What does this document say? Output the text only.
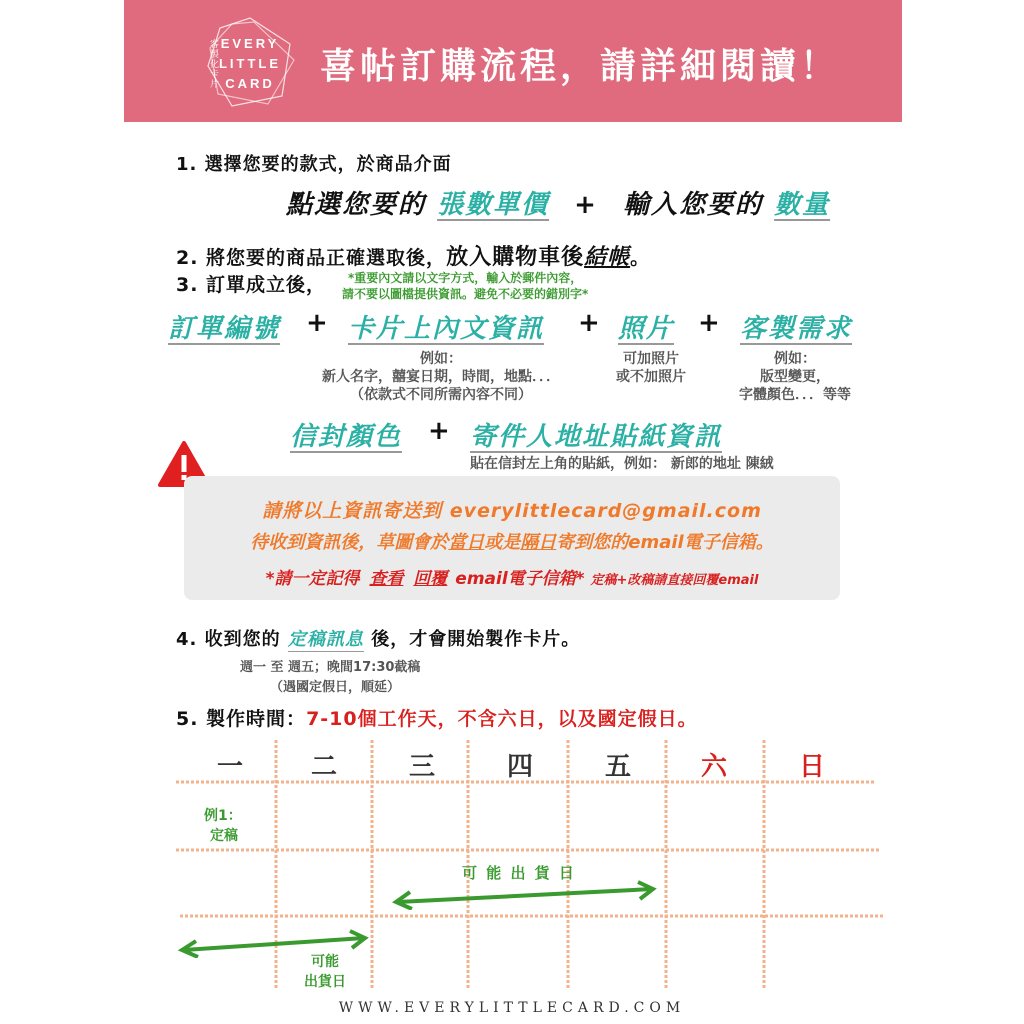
EVERY
LITTLE
CARD
客製化卡片	喜帖訂購流程，請詳細閱讀！
1. 選擇您要的款式，於商品介面
點選您要的 張數單價 + 輸入您要的 數量
2. 將您要的商品正確選取後，放入購物車後結帳。
3. 訂單成立後，	*重要內文請以文字方式，輸入於郵件內容，
請不要以圖檔提供資訊。避免不必要的錯別字*
訂單編號 + 卡片上內文資訊 + 照片 + 客製需求
例如：
新人名字，囍宴日期，時間，地點．．．
（依款式不同所需內容不同）
可加照片
或不加照片
例如：
版型變更，
字體顏色．．．等等
信封顏色 + 寄件人地址貼紙資訊
貼在信封左上角的貼紙，例如： 新郎的地址 陳絨
請將以上資訊寄送到 everylittlecard@gmail.com
待收到資訊後，草圖會於當日或是隔日寄到您的email電子信箱。
*請一定記得 查看 回覆 email電子信箱* 定稿+改稿請直接回覆email
4. 收到您的 定稿訊息 後，才會開始製作卡片。
週一 至 週五；晚間17:30截稿
（遇國定假日，順延）
5. 製作時間：7-10個工作天，不含六日，以及國定假日。
一	二	三	四	五	六	日
例1：
定稿
可 能 出 貨 日
可能
出貨日
WWW.EVERYLITTLECARD.COM
